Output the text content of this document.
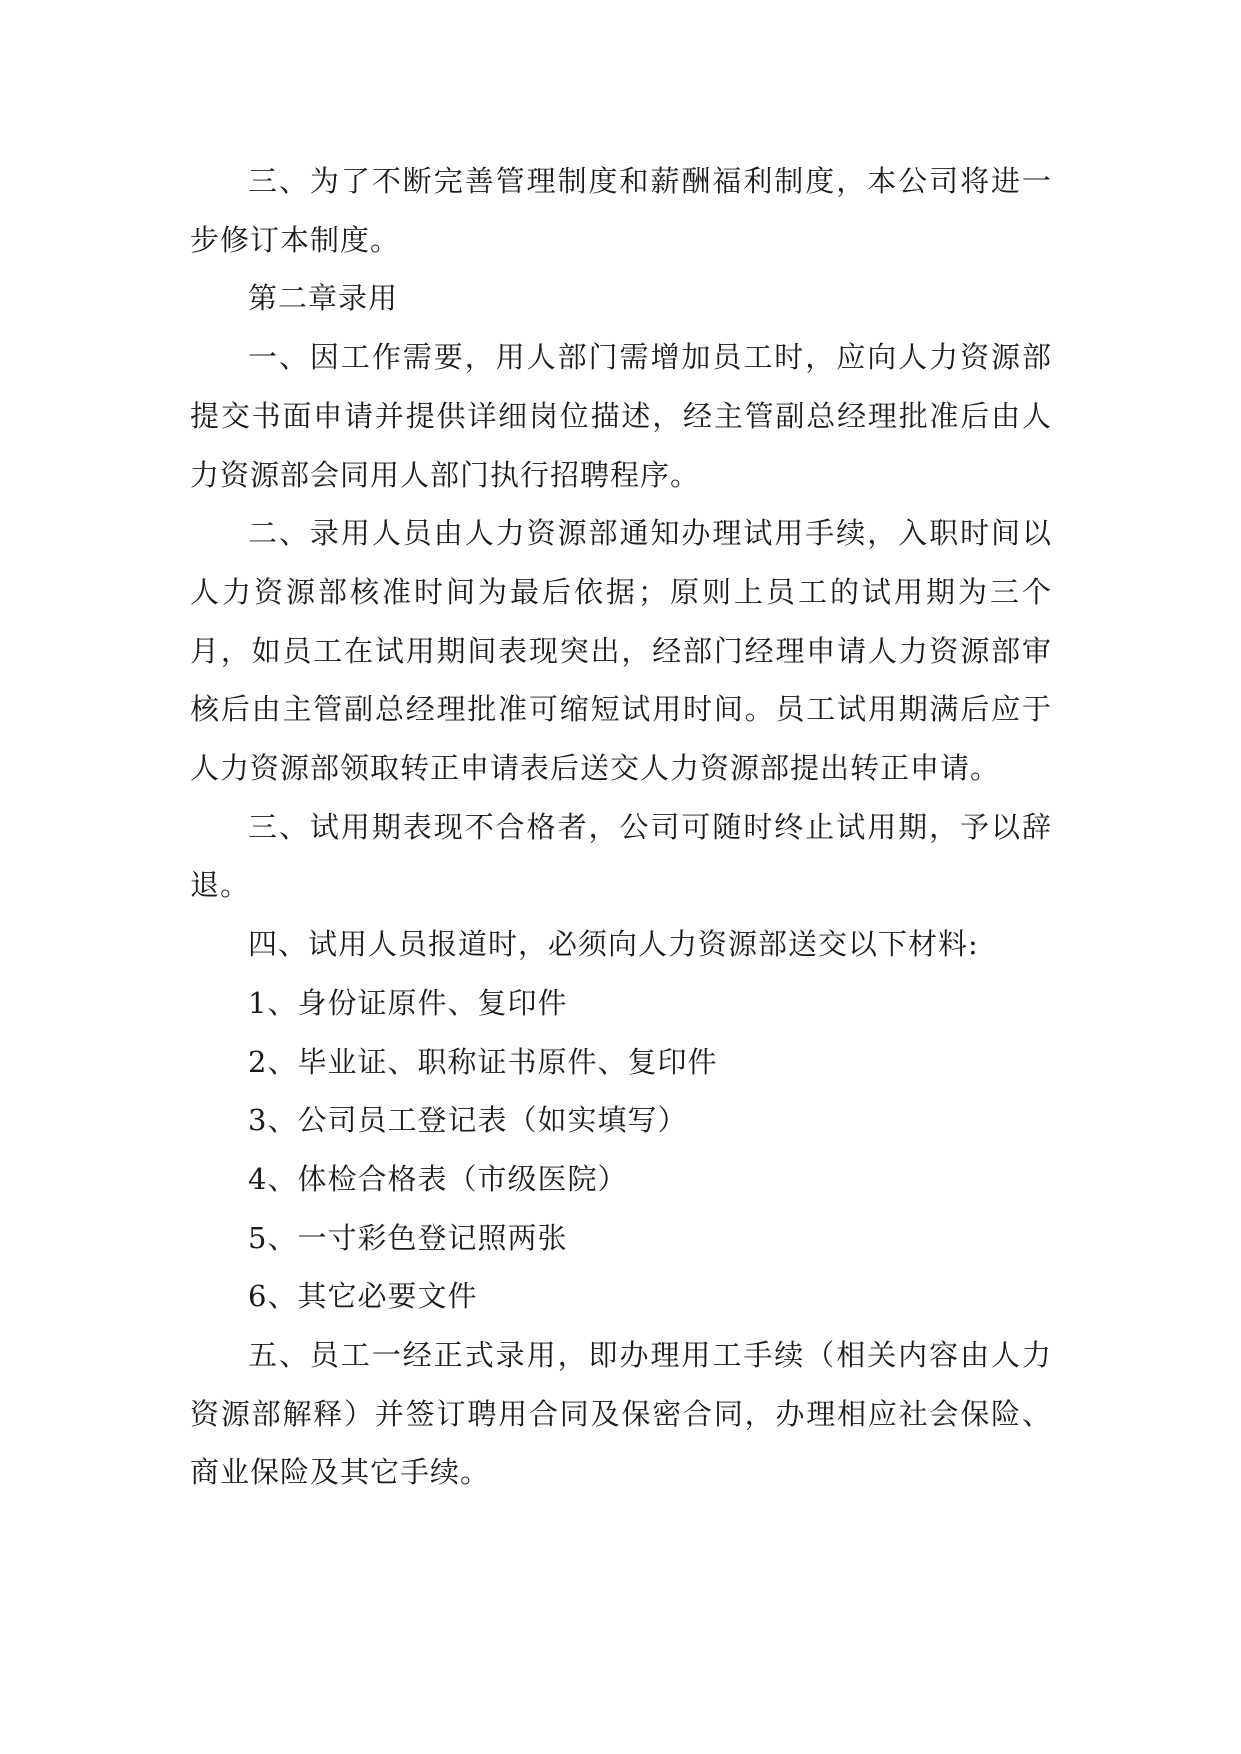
三、为了不断完善管理制度和薪酬福利制度，本公司将进一步修订本制度。

第二章录用

一、因工作需要，用人部门需增加员工时，应向人力资源部提交书面申请并提供详细岗位描述，经主管副总经理批准后由人力资源部会同用人部门执行招聘程序。

二、录用人员由人力资源部通知办理试用手续，入职时间以人力资源部核准时间为最后依据；原则上员工的试用期为三个月，如员工在试用期间表现突出，经部门经理申请人力资源部审核后由主管副总经理批准可缩短试用时间。员工试用期满后应于人力资源部领取转正申请表后送交人力资源部提出转正申请。

三、试用期表现不合格者，公司可随时终止试用期，予以辞退。

四、试用人员报道时，必须向人力资源部送交以下材料:

1、身份证原件、复印件

2、毕业证、职称证书原件、复印件

3、公司员工登记表（如实填写）

4、体检合格表（市级医院）

5、一寸彩色登记照两张

6、其它必要文件

五、员工一经正式录用，即办理用工手续（相关内容由人力资源部解释）并签订聘用合同及保密合同，办理相应社会保险、商业保险及其它手续。
